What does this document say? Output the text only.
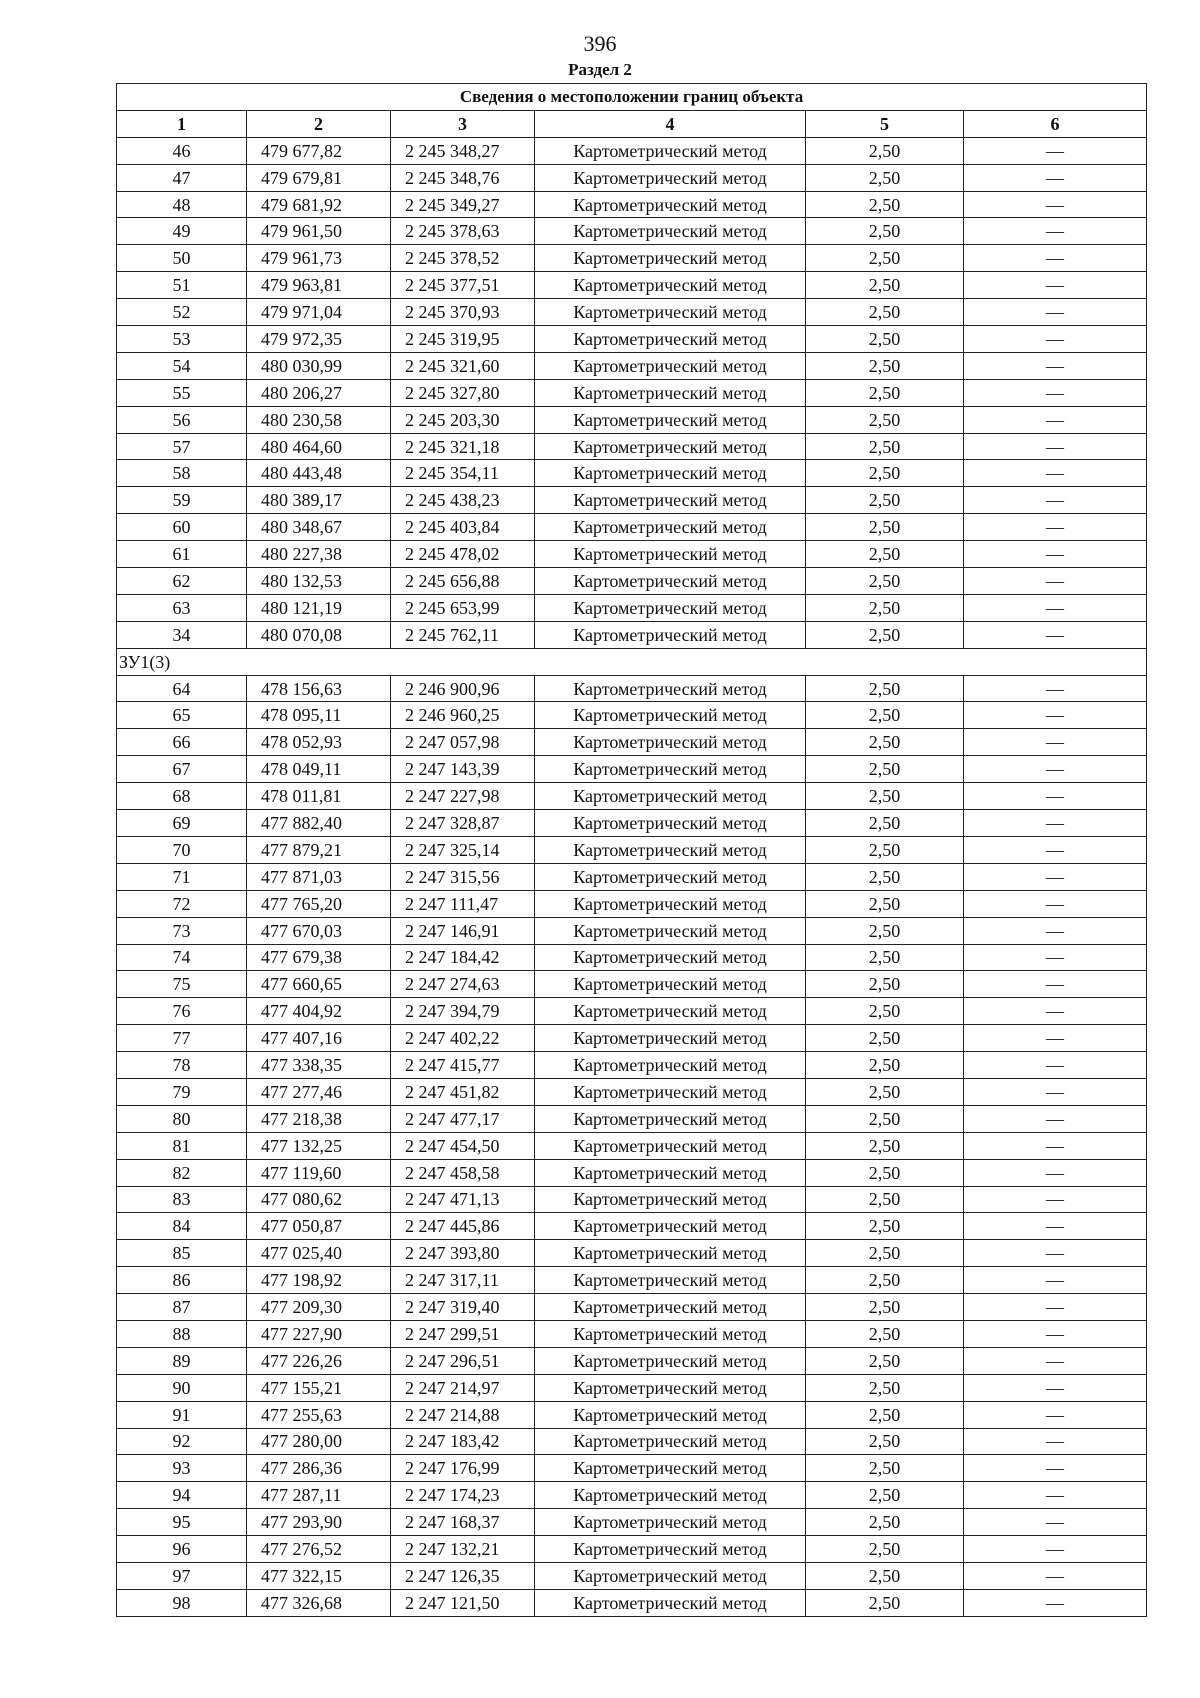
396
Раздел 2
Сведения о местоположении границ объекта					
1	2	3	4	5	6
46	479 677,82	2 245 348,27	Картометрический метод	2,50	—
47	479 679,81	2 245 348,76	Картометрический метод	2,50	—
48	479 681,92	2 245 349,27	Картометрический метод	2,50	—
49	479 961,50	2 245 378,63	Картометрический метод	2,50	—
50	479 961,73	2 245 378,52	Картометрический метод	2,50	—
51	479 963,81	2 245 377,51	Картометрический метод	2,50	—
52	479 971,04	2 245 370,93	Картометрический метод	2,50	—
53	479 972,35	2 245 319,95	Картометрический метод	2,50	—
54	480 030,99	2 245 321,60	Картометрический метод	2,50	—
55	480 206,27	2 245 327,80	Картометрический метод	2,50	—
56	480 230,58	2 245 203,30	Картометрический метод	2,50	—
57	480 464,60	2 245 321,18	Картометрический метод	2,50	—
58	480 443,48	2 245 354,11	Картометрический метод	2,50	—
59	480 389,17	2 245 438,23	Картометрический метод	2,50	—
60	480 348,67	2 245 403,84	Картометрический метод	2,50	—
61	480 227,38	2 245 478,02	Картометрический метод	2,50	—
62	480 132,53	2 245 656,88	Картометрический метод	2,50	—
63	480 121,19	2 245 653,99	Картометрический метод	2,50	—
34	480 070,08	2 245 762,11	Картометрический метод	2,50	—
ЗУ1(3)					
64	478 156,63	2 246 900,96	Картометрический метод	2,50	—
65	478 095,11	2 246 960,25	Картометрический метод	2,50	—
66	478 052,93	2 247 057,98	Картометрический метод	2,50	—
67	478 049,11	2 247 143,39	Картометрический метод	2,50	—
68	478 011,81	2 247 227,98	Картометрический метод	2,50	—
69	477 882,40	2 247 328,87	Картометрический метод	2,50	—
70	477 879,21	2 247 325,14	Картометрический метод	2,50	—
71	477 871,03	2 247 315,56	Картометрический метод	2,50	—
72	477 765,20	2 247 111,47	Картометрический метод	2,50	—
73	477 670,03	2 247 146,91	Картометрический метод	2,50	—
74	477 679,38	2 247 184,42	Картометрический метод	2,50	—
75	477 660,65	2 247 274,63	Картометрический метод	2,50	—
76	477 404,92	2 247 394,79	Картометрический метод	2,50	—
77	477 407,16	2 247 402,22	Картометрический метод	2,50	—
78	477 338,35	2 247 415,77	Картометрический метод	2,50	—
79	477 277,46	2 247 451,82	Картометрический метод	2,50	—
80	477 218,38	2 247 477,17	Картометрический метод	2,50	—
81	477 132,25	2 247 454,50	Картометрический метод	2,50	—
82	477 119,60	2 247 458,58	Картометрический метод	2,50	—
83	477 080,62	2 247 471,13	Картометрический метод	2,50	—
84	477 050,87	2 247 445,86	Картометрический метод	2,50	—
85	477 025,40	2 247 393,80	Картометрический метод	2,50	—
86	477 198,92	2 247 317,11	Картометрический метод	2,50	—
87	477 209,30	2 247 319,40	Картометрический метод	2,50	—
88	477 227,90	2 247 299,51	Картометрический метод	2,50	—
89	477 226,26	2 247 296,51	Картометрический метод	2,50	—
90	477 155,21	2 247 214,97	Картометрический метод	2,50	—
91	477 255,63	2 247 214,88	Картометрический метод	2,50	—
92	477 280,00	2 247 183,42	Картометрический метод	2,50	—
93	477 286,36	2 247 176,99	Картометрический метод	2,50	—
94	477 287,11	2 247 174,23	Картометрический метод	2,50	—
95	477 293,90	2 247 168,37	Картометрический метод	2,50	—
96	477 276,52	2 247 132,21	Картометрический метод	2,50	—
97	477 322,15	2 247 126,35	Картометрический метод	2,50	—
98	477 326,68	2 247 121,50	Картометрический метод	2,50	—
